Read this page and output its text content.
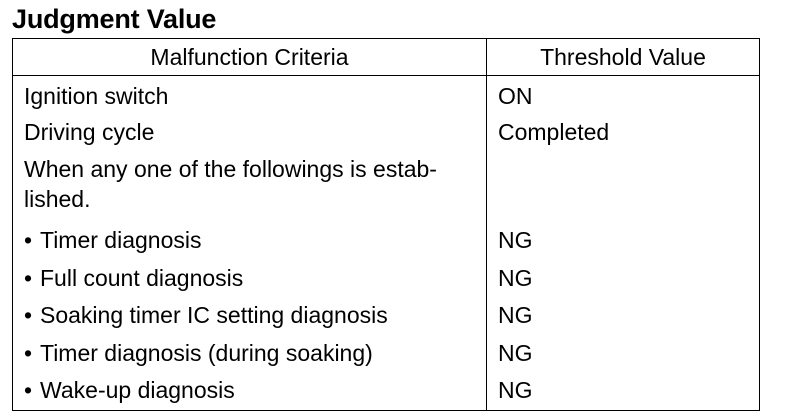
Judgment Value
Malfunction Criteria	Threshold Value
Ignition switch	ON
Driving cycle	Completed
When any one of the followings is estab- lished.	
• Timer diagnosis	NG
• Full count diagnosis	NG
• Soaking timer IC setting diagnosis	NG
• Timer diagnosis (during soaking)	NG
• Wake-up diagnosis	NG
